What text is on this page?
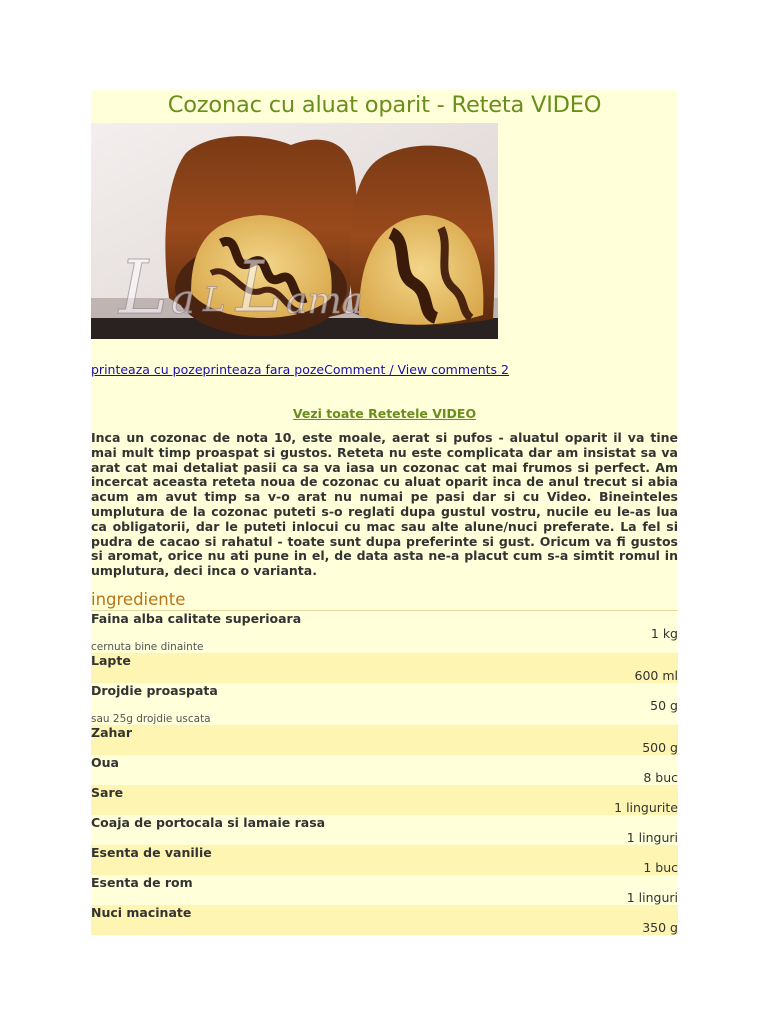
Cozonac cu aluat oparit - Reteta VIDEO
L a L L ama
printeaza cu pozeprinteaza fara pozeComment / View comments 2
Vezi toate Retetele VIDEO

Inca un cozonac de nota 10, este moale, aerat si pufos - aluatul oparit il va tine mai mult timp proaspat si gustos. Reteta nu este complicata dar am insistat sa va arat cat mai detaliat pasii ca sa va iasa un cozonac cat mai frumos si perfect. Am incercat aceasta reteta noua de cozonac cu aluat oparit inca de anul trecut si abia acum am avut timp sa v-o arat nu numai pe pasi dar si cu Video. Bineinteles umplutura de la cozonac puteti s-o reglati dupa gustul vostru, nucile eu le-as lua ca obligatorii, dar le puteti inlocui cu mac sau alte alune/nuci preferate. La fel si pudra de cacao si rahatul - toate sunt dupa preferinte si gust. Oricum va fi gustos si aromat, orice nu ati pune in el, de data asta ne-a placut cum s-a simtit romul in umplutura, deci inca o varianta.

ingrediente
Faina alba calitate superioara
1 kg
cernuta bine dinainte
Lapte
600 ml
Drojdie proaspata
50 g
sau 25g drojdie uscata
Zahar
500 g
Oua
8 buc
Sare
1 lingurite
Coaja de portocala si lamaie rasa
1 linguri
Esenta de vanilie
1 buc
Esenta de rom
1 linguri
Nuci macinate
350 g
